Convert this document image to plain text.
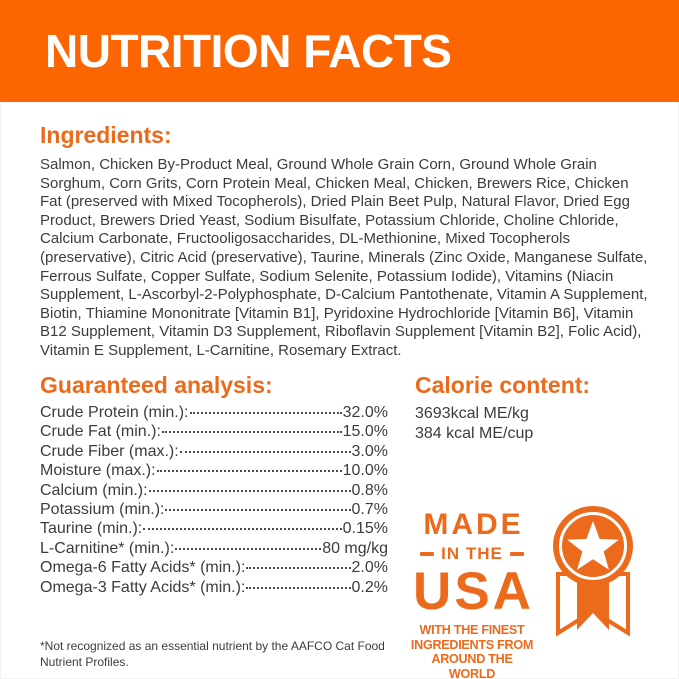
NUTRITION FACTS
Ingredients:
Salmon, Chicken By-Product Meal, Ground Whole Grain Corn, Ground Whole Grain Sorghum, Corn Grits, Corn Protein Meal, Chicken Meal, Chicken, Brewers Rice, Chicken Fat (preserved with Mixed Tocopherols), Dried Plain Beet Pulp, Natural Flavor, Dried Egg Product, Brewers Dried Yeast, Sodium Bisulfate, Potassium Chloride, Choline Chloride, Calcium Carbonate, Fructooligosaccharides, DL-Methionine, Mixed Tocopherols (preservative), Citric Acid (preservative), Taurine, Minerals (Zinc Oxide, Manganese Sulfate, Ferrous Sulfate, Copper Sulfate, Sodium Selenite, Potassium Iodide), Vitamins (Niacin Supplement, L-Ascorbyl-2-Polyphosphate, D-Calcium Pantothenate, Vitamin A Supplement, Biotin, Thiamine Mononitrate [Vitamin B1], Pyridoxine Hydrochloride [Vitamin B6], Vitamin B12 Supplement, Vitamin D3 Supplement, Riboflavin Supplement [Vitamin B2], Folic Acid), Vitamin E Supplement, L-Carnitine, Rosemary Extract.
Guaranteed analysis:
Crude Protein (min.):	32.0%
Crude Fat (min.):	15.0%
Crude Fiber (max.):	3.0%
Moisture (max.):	10.0%
Calcium (min.):	0.8%
Potassium (min.):	0.7%
Taurine (min.):	0.15%
L-Carnitine* (min.):	80 mg/kg
Omega-6 Fatty Acids* (min.):	2.0%
Omega-3 Fatty Acids* (min.):	0.2%
Calorie content:
3693kcal ME/kg
384 kcal ME/cup
MADE
IN THE
USA
WITH THE FINEST
INGREDIENTS FROM
AROUND THE WORLD
*Not recognized as an essential nutrient by the AAFCO Cat Food Nutrient Profiles.
